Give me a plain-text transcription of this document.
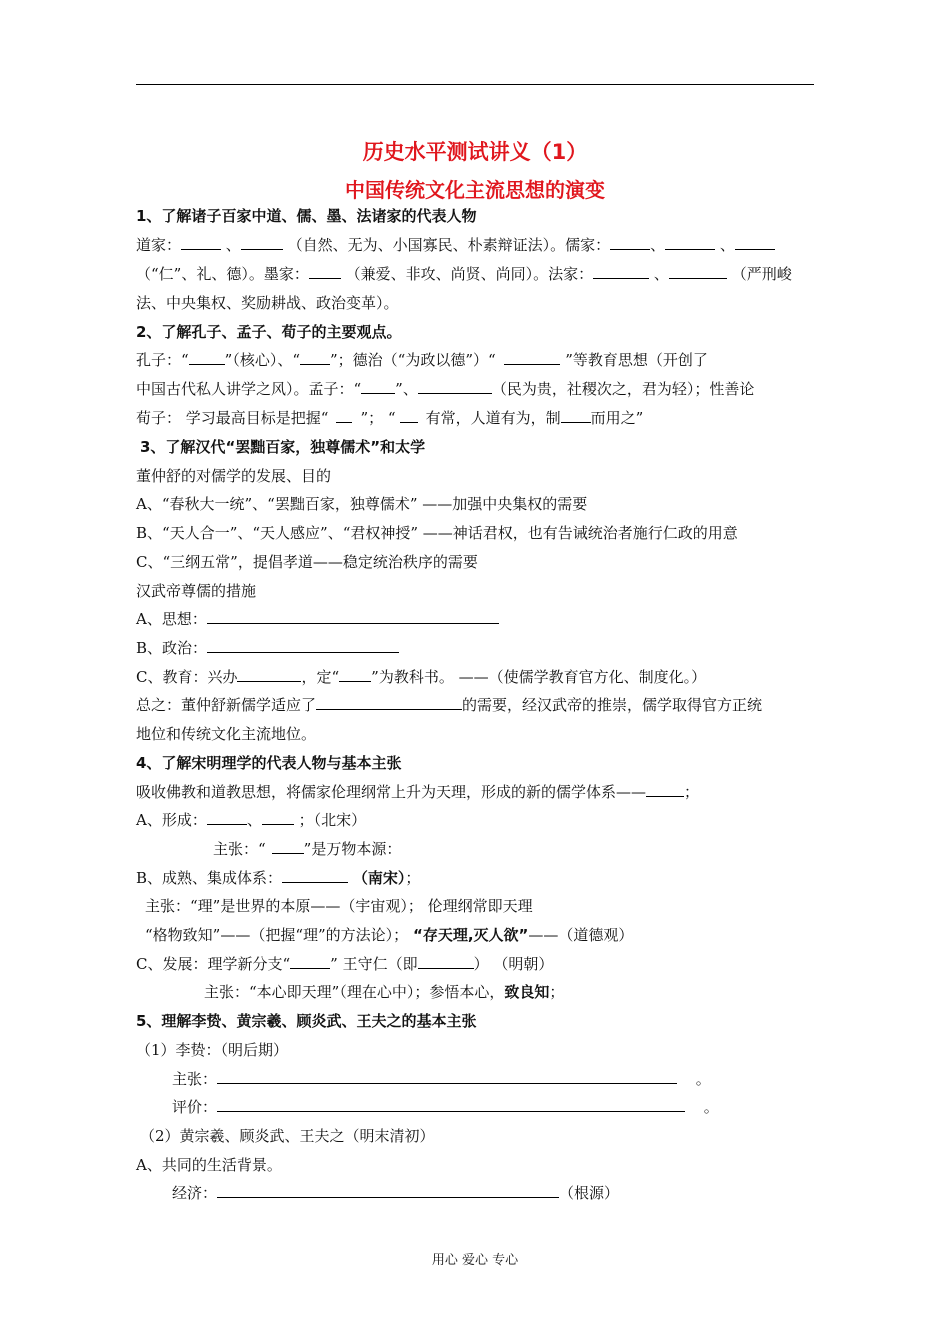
历史水平测试讲义（1）
中国传统文化主流思想的演变
1、了解诸子百家中道、儒、墨、法诸家的代表人物
道家：	、	（自然、无为、小国寡民、朴素辩证法）。儒家：	、	、
（“仁”、礼、德）。墨家： （兼爱、非攻、尚贤、尚同）。法家：	、	（严刑峻
法、中央集权、奖励耕战、政治变革）。
2、了解孔子、孟子、荀子的主要观点。
孔子：“ ”（核心）、“ ”；德治（“为政以德”）“	”等教育思想（开创了
中国古代私人讲学之风）。孟子：“ ”、	（民为贵，社稷次之，君为轻）；性善论
荀子： 学习最高目标是把握“ ”； “ 有常，人道有为，制 而用之”
3、了解汉代“罢黜百家，独尊儒术”和太学
董仲舒的对儒学的发展、目的
A、“春秋大一统”、“罢黜百家，独尊儒术” ——加强中央集权的需要
B、“天人合一”、“天人感应”、“君权神授” ——神话君权，也有告诫统治者施行仁政的用意
C、“三纲五常”，提倡孝道——稳定统治秩序的需要
汉武帝尊儒的措施
A、思想：
B、政治：
C、教育：兴办	，定“ ”为教科书。 ——（使儒学教育官方化、制度化。）
总之：董仲舒新儒学适应了	的需要，经汉武帝的推崇，儒学取得官方正统
地位和传统文化主流地位。
4、了解宋明理学的代表人物与基本主张
吸收佛教和道教思想，将儒家伦理纲常上升为天理，形成的新的儒学体系——	；
A、形成：	、 ；（北宋）
主张：“	”是万物本源：
B、成熟、集成体系：	（南宋）；
主张：“理”是世界的本原——（宇宙观）； 伦理纲常即天理
“格物致知”——（把握“理”的方法论）； “存天理,灭人欲”——（道德观）
C、发展：理学新分支“	” 王守仁（即	） （明朝）
主张：“本心即天理”（理在心中）；参悟本心，致良知；
5、理解李贽、黄宗羲、顾炎武、王夫之的基本主张
（1）李贽：（明后期）
主张：	。
评价：	。
（2）黄宗羲、顾炎武、王夫之（明末清初）
A、共同的生活背景。
经济：	（根源）
用心 爱心 专心
